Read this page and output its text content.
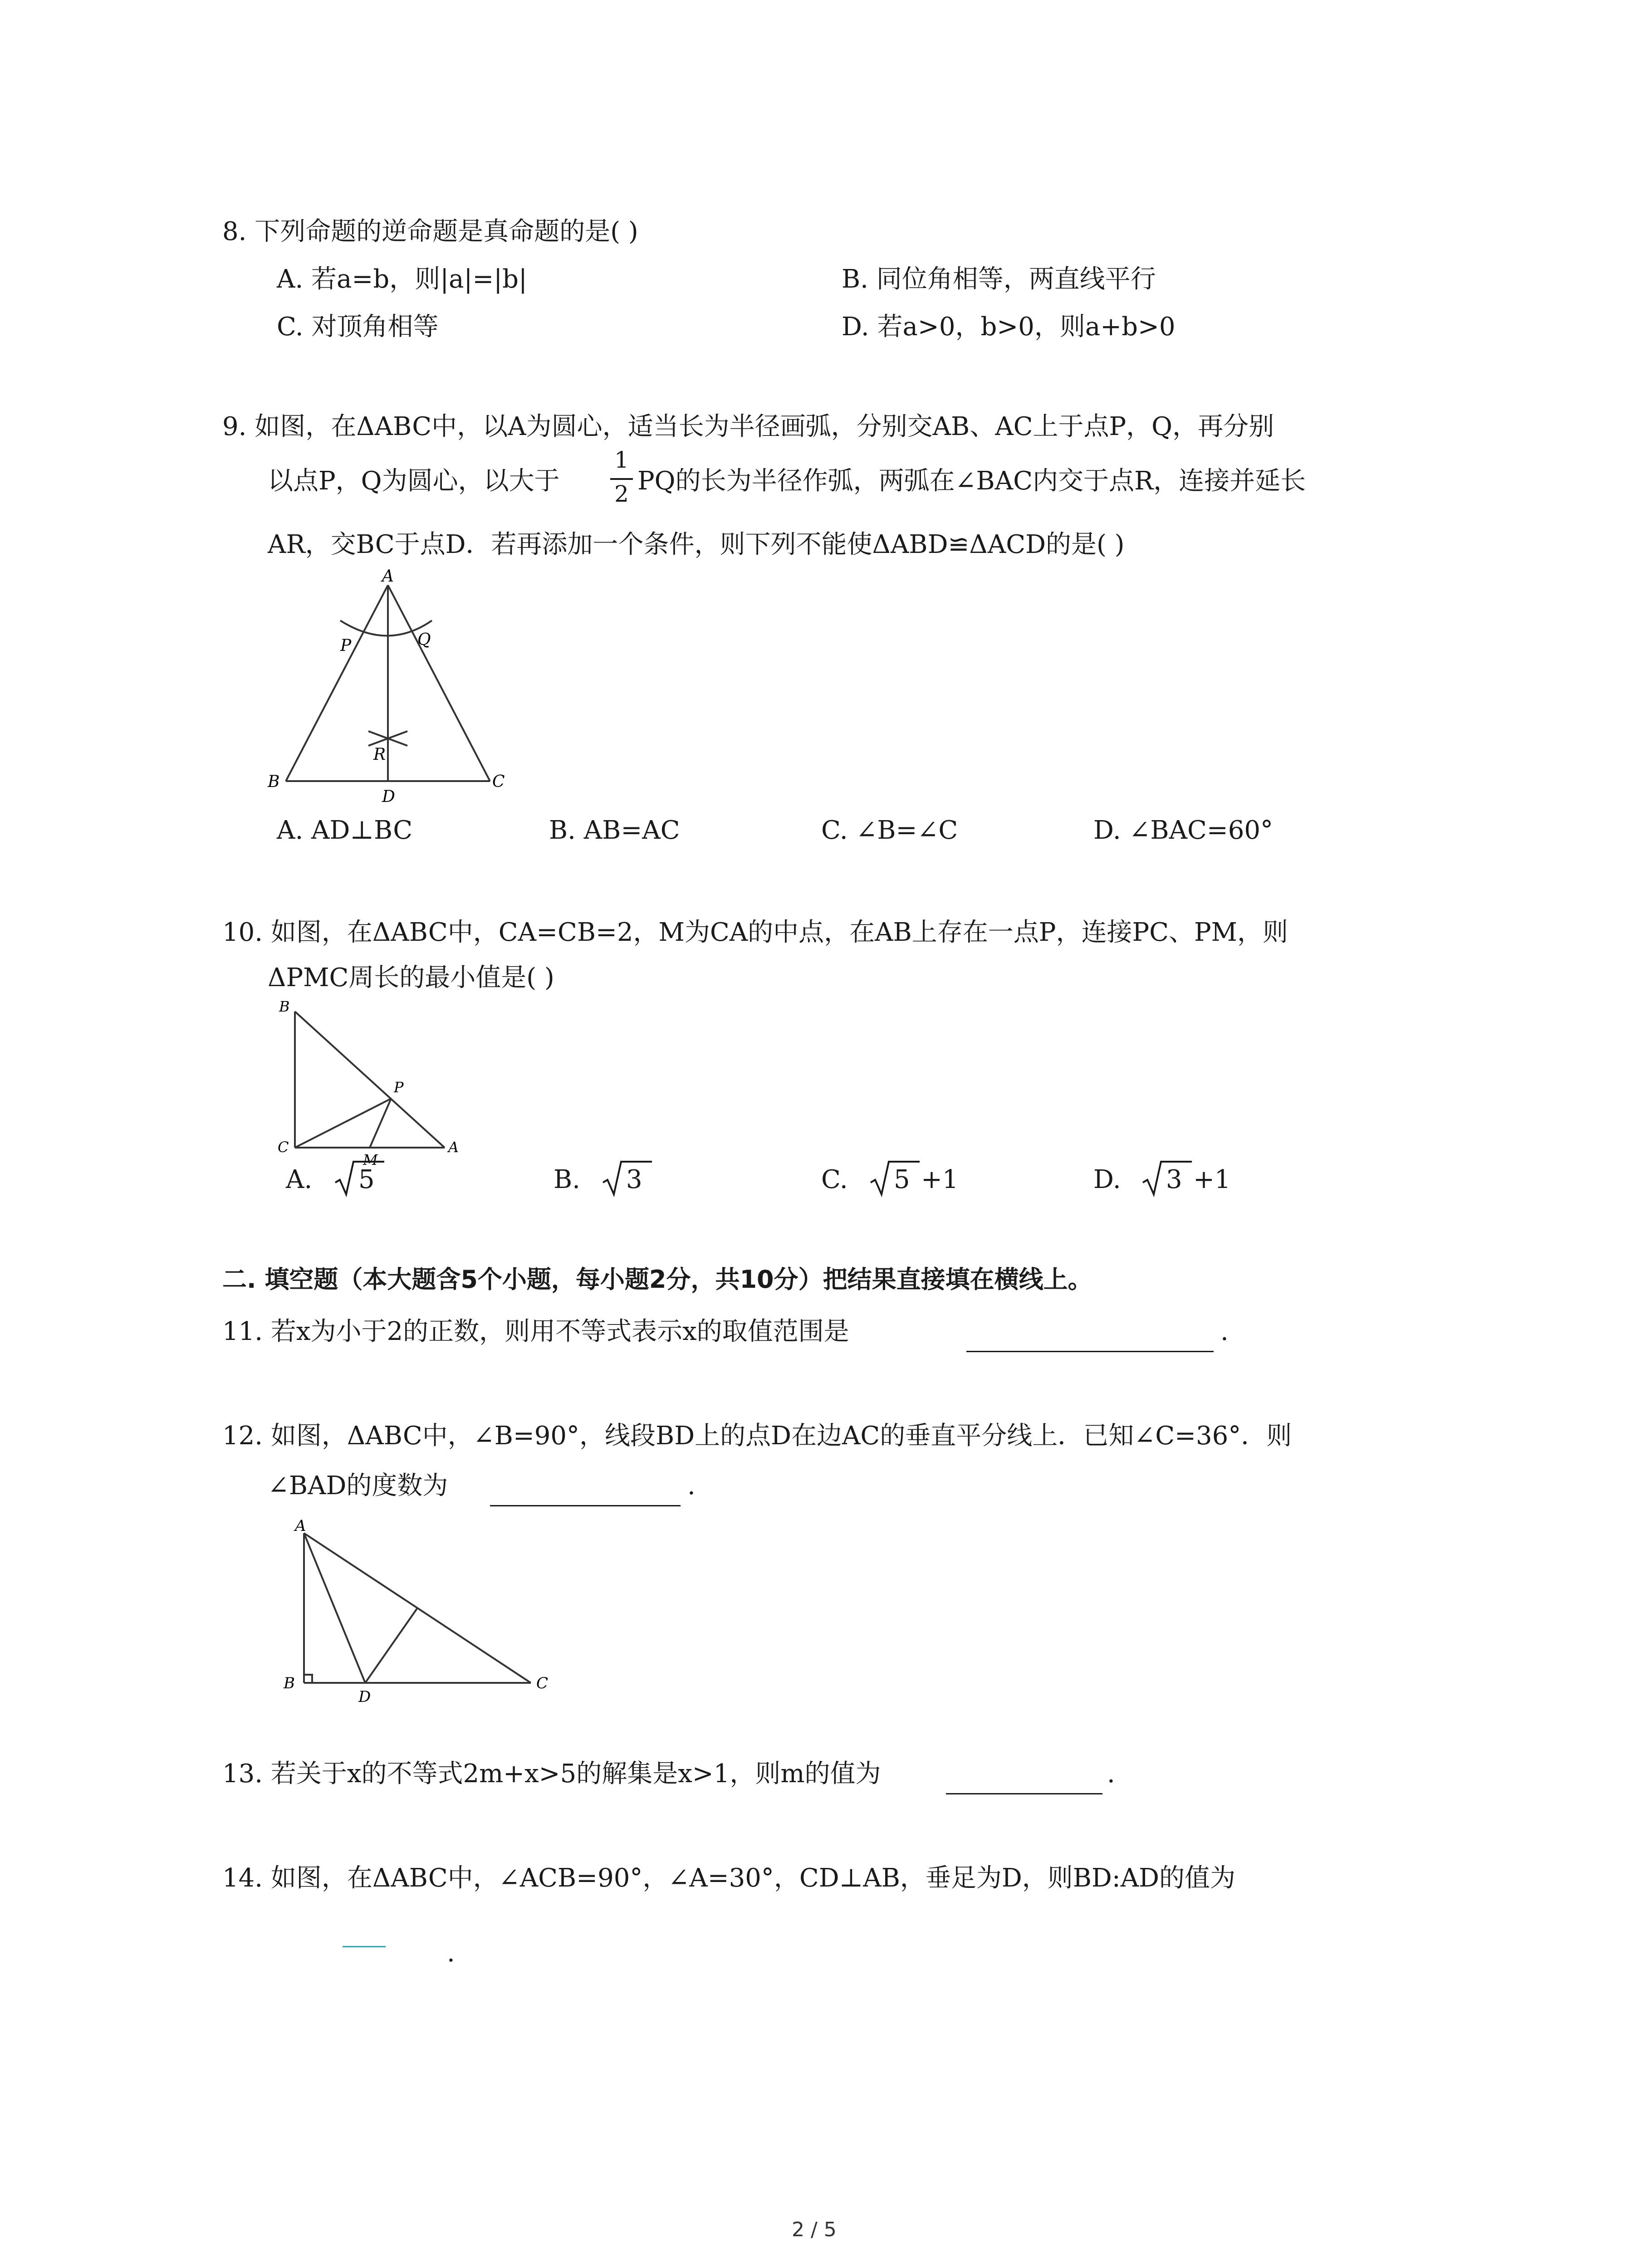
8. 下列命题的逆命题是真命题的是( )
A. 若a=b，则|a|=|b|	B. 同位角相等，两直线平行
C. 对顶角相等	D. 若a>0，b>0，则a+b>0
9. 如图，在ΔABC中，以A为圆心，适当长为半径画弧，分别交AB、AC上于点P，Q，再分别
以点P，Q为圆心，以大于
1
2 PQ的长为半径作弧，两弧在∠BAC内交于点R，连接并延长
AR，交BC于点D．若再添加一个条件，则下列不能使ΔABD≌ΔACD的是( )
A
P	Q
R
B
D
C
A. AD⊥BC	B. AB=AC	C. ∠B=∠C	D. ∠BAC=60°
10. 如图，在ΔABC中，CA=CB=2，M为CA的中点，在AB上存在一点P，连接PC、PM，则
ΔPMC周长的最小值是( )
B
P
C
M
A
A. 5	B. 3	C. 5 +1	D. 3 +1
二. 填空题（本大题含5个小题，每小题2分，共10分）把结果直接填在横线上。
11. 若x为小于2的正数，则用不等式表示x的取值范围是	.
12. 如图，ΔABC中，∠B=90°，线段BD上的点D在边AC的垂直平分线上．已知∠C=36°．则
∠BAD的度数为	.
A
B
D
C
13. 若关于x的不等式2m+x>5的解集是x>1，则m的值为	.
14. 如图，在ΔABC中，∠ACB=90°，∠A=30°，CD⊥AB，垂足为D，则BD:AD的值为
.
2 / 5
